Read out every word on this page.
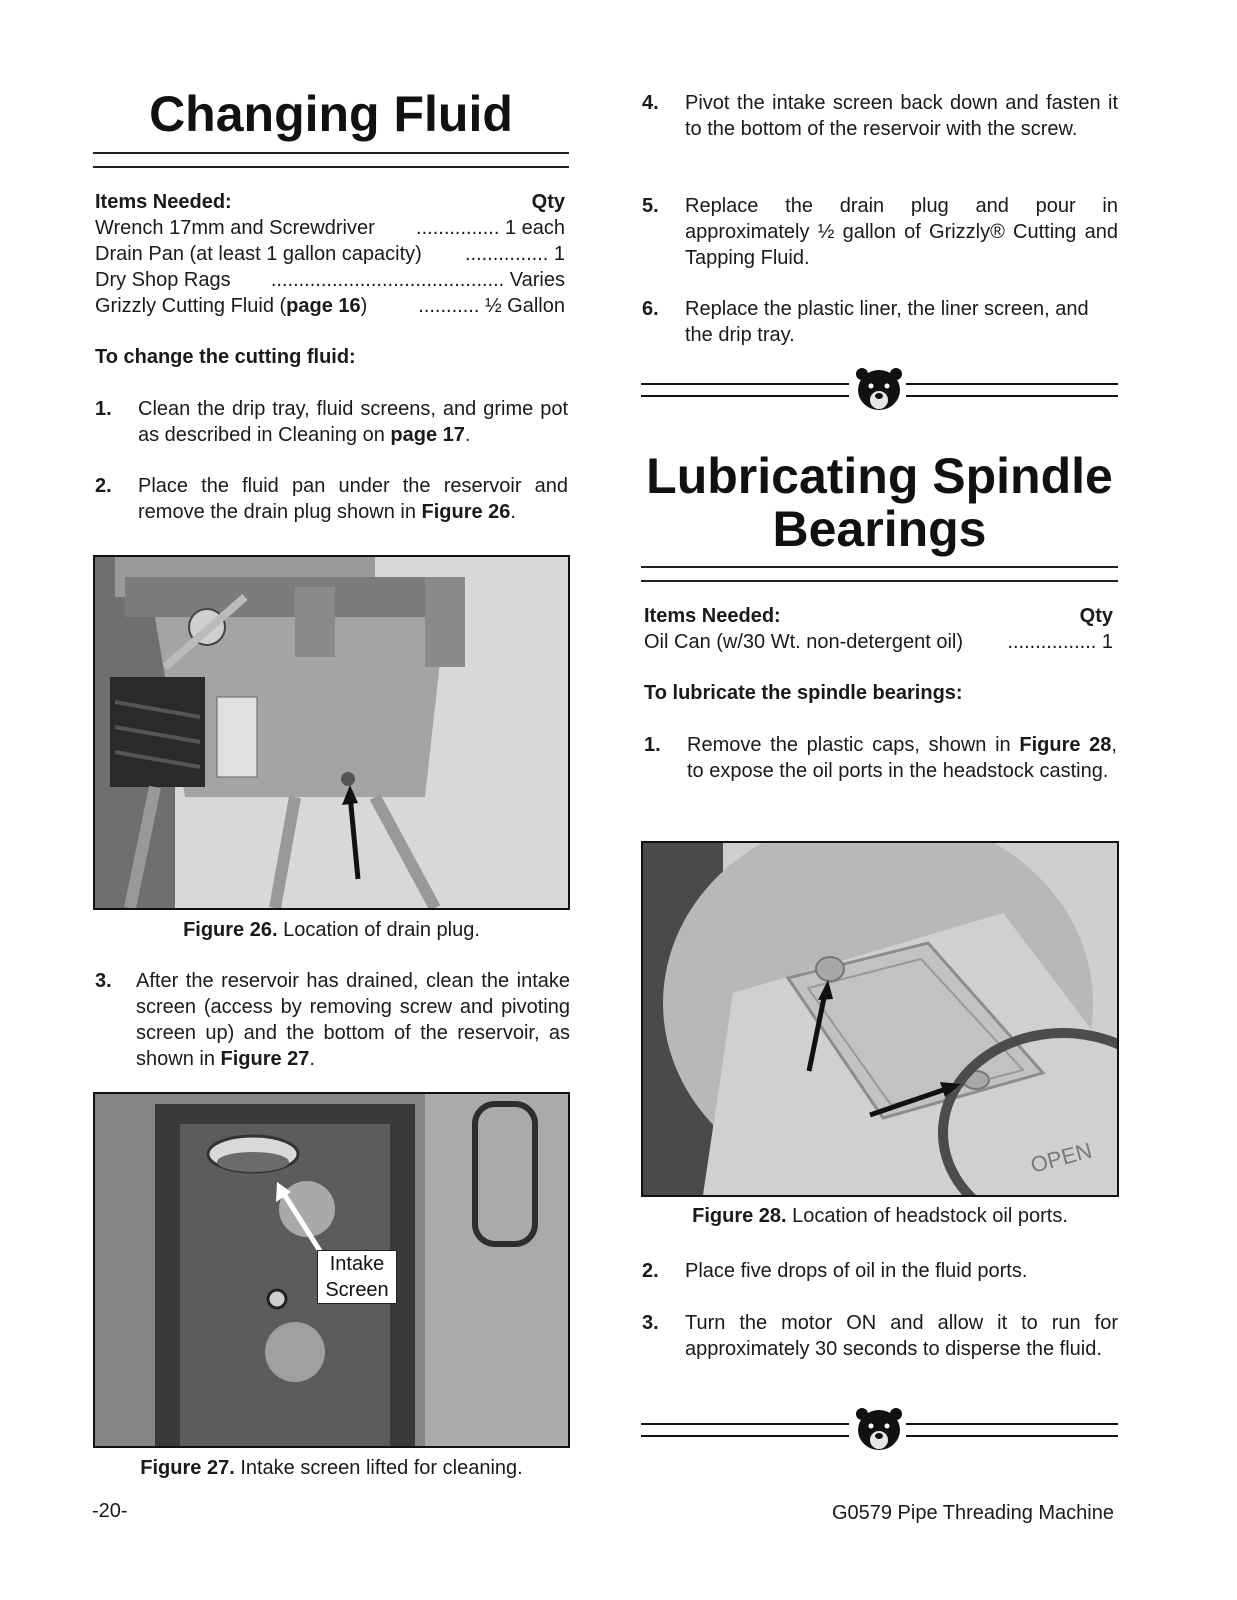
Changing Fluid
Items Needed:	Qty
Wrench 17mm and Screwdriver ............... 1 each
Drain Pan (at least 1 gallon capacity) ............... 1
Dry Shop Rags .......................................... Varies
Grizzly Cutting Fluid (page 16)	........... ½ Gallon
To change the cutting fluid:
1. Clean the drip tray, fluid screens, and grime pot as described in Cleaning on page 17.
2. Place the fluid pan under the reservoir and remove the drain plug shown in Figure 26.
Figure 26. Location of drain plug.
3. After the reservoir has drained, clean the intake screen (access by removing screw and pivoting screen up) and the bottom of the reservoir, as shown in Figure 27.
Intake
Screen
Figure 27. Intake screen lifted for cleaning.
4. Pivot the intake screen back down and fasten it to the bottom of the reservoir with the screw.
5. Replace the drain plug and pour in approximately ½ gallon of Grizzly® Cutting and Tapping Fluid.
6. Replace the plastic liner, the liner screen, and the drip tray.
Lubricating Spindle
Bearings
Items Needed:	Qty
Oil Can (w/30 Wt. non-detergent oil) ................ 1
To lubricate the spindle bearings:
1. Remove the plastic caps, shown in Figure 28, to expose the oil ports in the headstock casting.
OPEN
Figure 28. Location of headstock oil ports.
2. Place five drops of oil in the fluid ports.
3. Turn the motor ON and allow it to run for approximately 30 seconds to disperse the fluid.
-20-	G0579 Pipe Threading Machine
